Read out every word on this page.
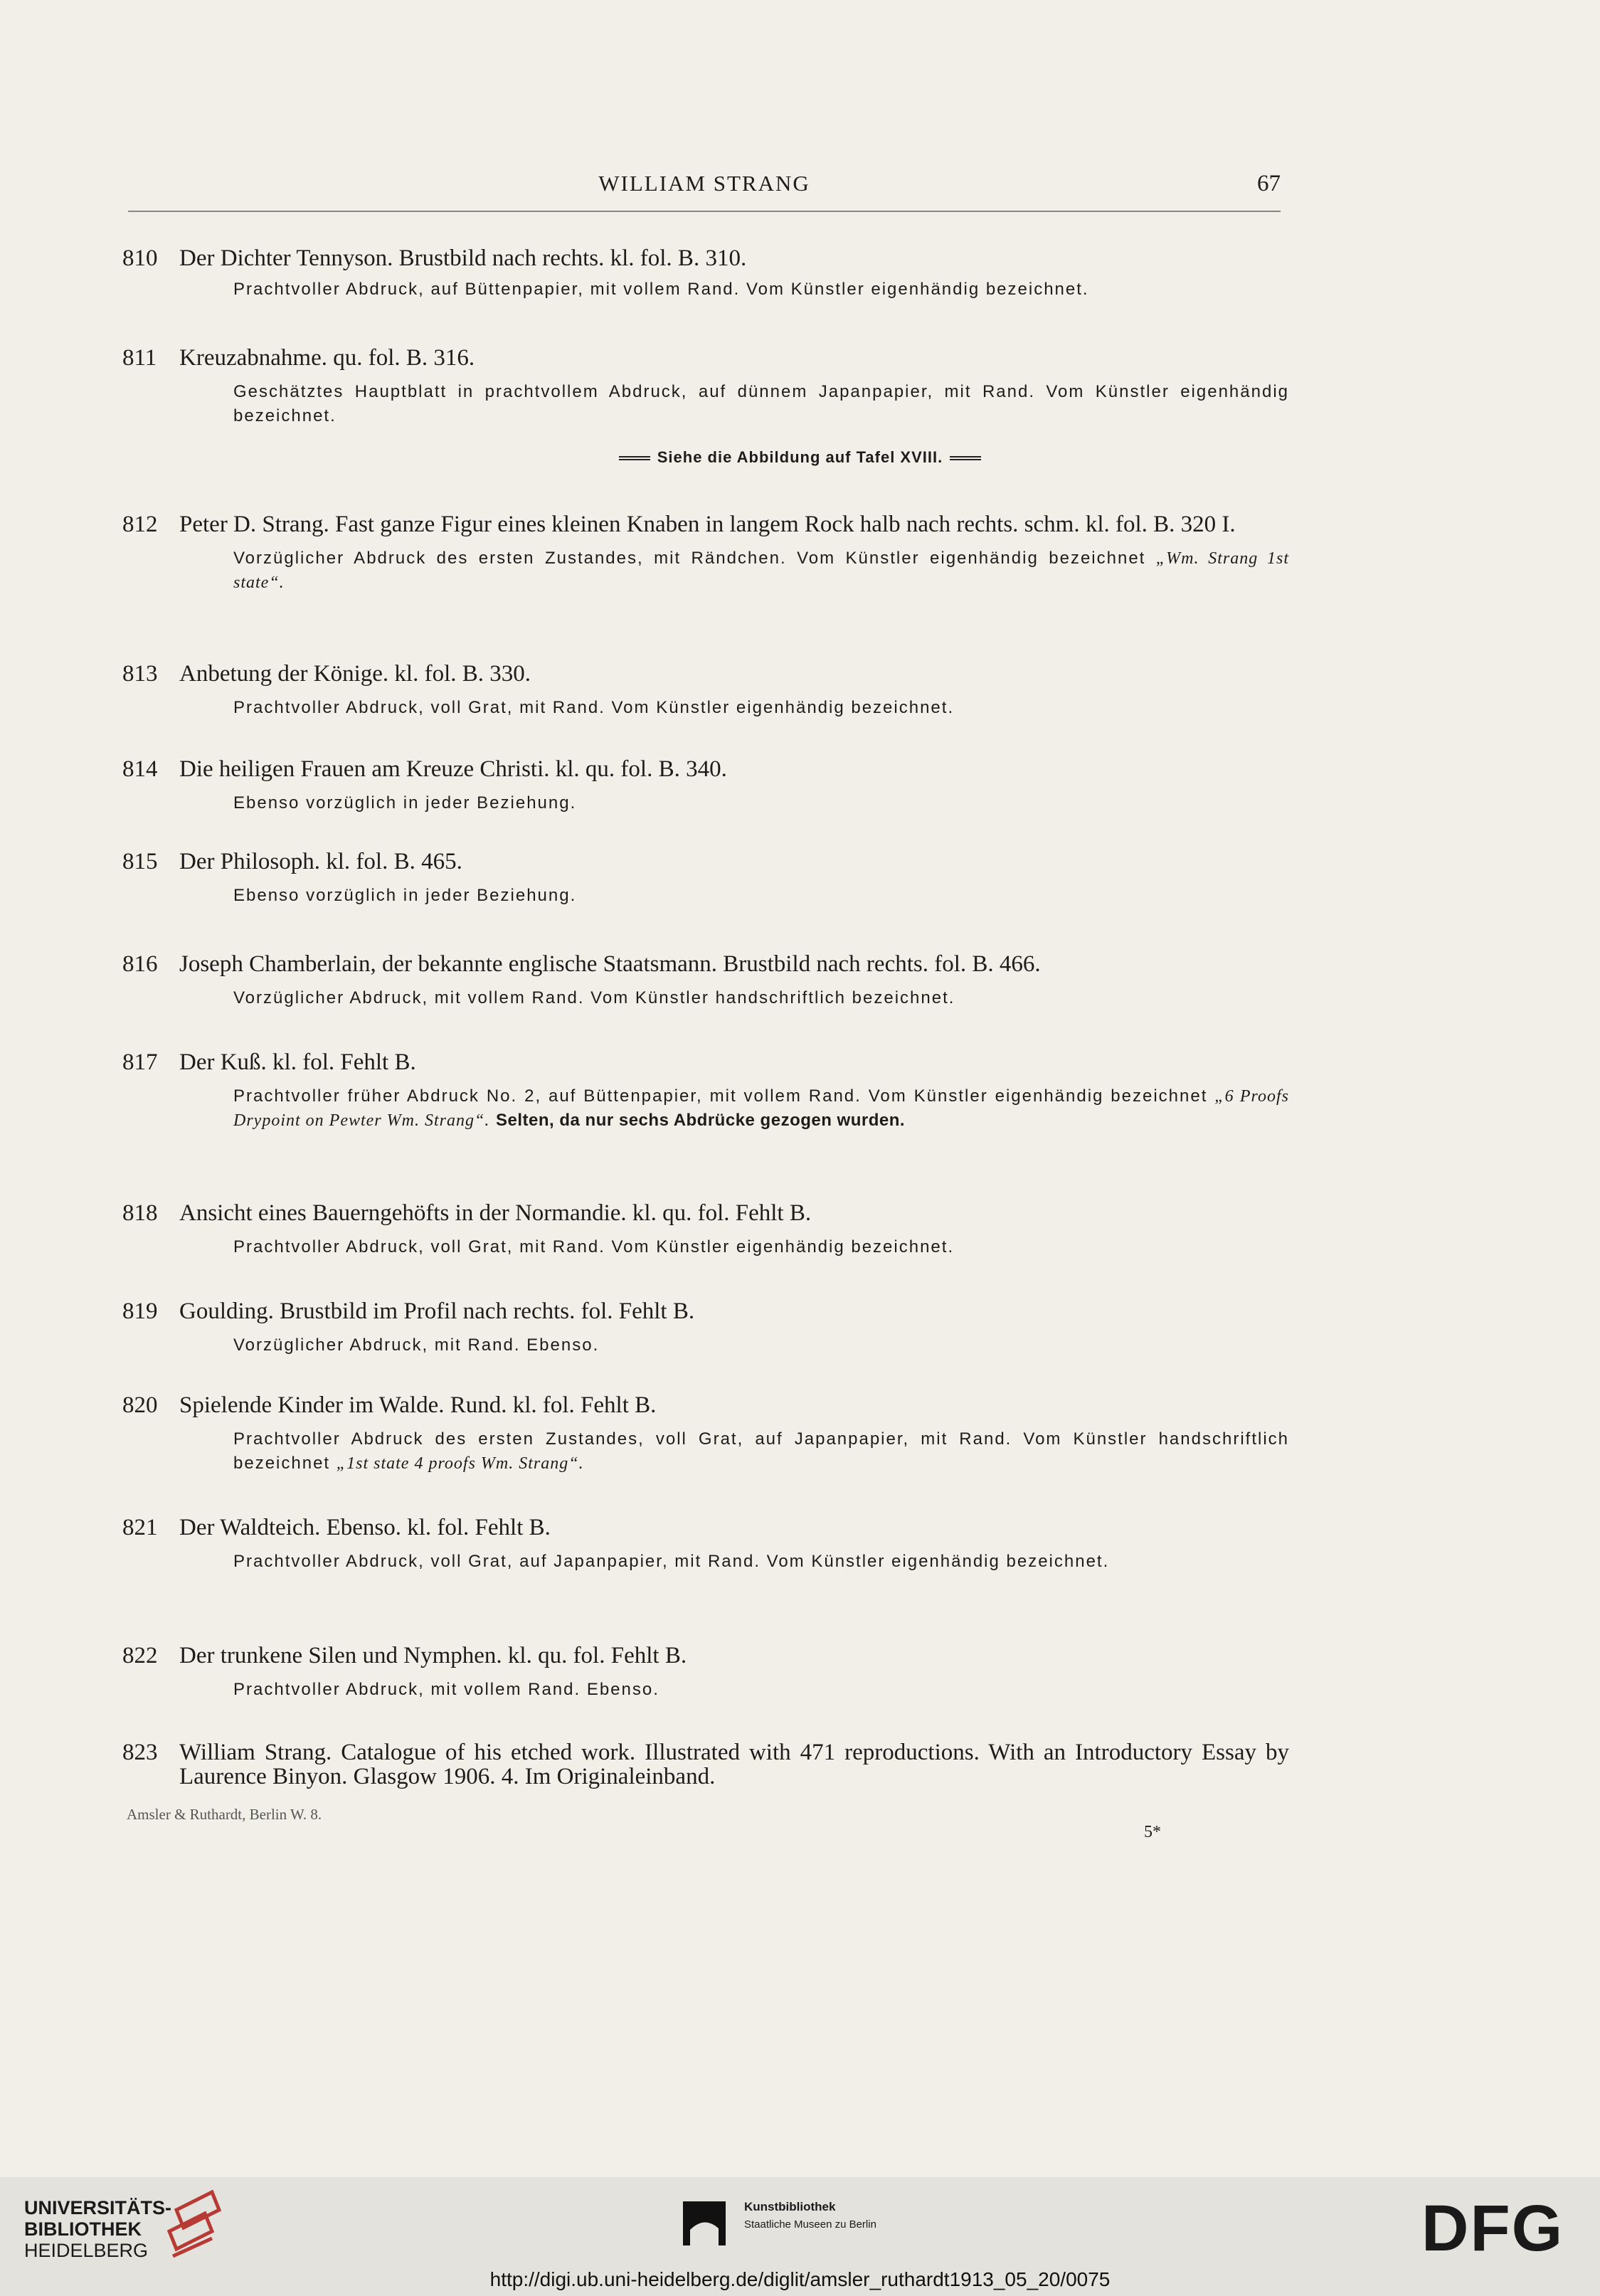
WILLIAM STRANG	67
810 Der Dichter Tennyson. Brustbild nach rechts. kl. fol. B. 310.
Prachtvoller Abdruck, auf Büttenpapier, mit vollem Rand. Vom Künstler eigenhändig bezeichnet.
811 Kreuzabnahme. qu. fol. B. 316.
Geschätztes Hauptblatt in prachtvollem Abdruck, auf dünnem Japanpapier, mit Rand. Vom Künstler eigenhändig bezeichnet.
Siehe die Abbildung auf Tafel XVIII.
812 Peter D. Strang. Fast ganze Figur eines kleinen Knaben in langem Rock halb nach rechts. schm. kl. fol. B. 320 I.
Vorzüglicher Abdruck des ersten Zustandes, mit Rändchen. Vom Künstler eigenhändig bezeichnet „Wm. Strang 1st state“.
813 Anbetung der Könige. kl. fol. B. 330.
Prachtvoller Abdruck, voll Grat, mit Rand. Vom Künstler eigenhändig bezeichnet.
814 Die heiligen Frauen am Kreuze Christi. kl. qu. fol. B. 340.
Ebenso vorzüglich in jeder Beziehung.
815 Der Philosoph. kl. fol. B. 465.
Ebenso vorzüglich in jeder Beziehung.
816 Joseph Chamberlain, der bekannte englische Staatsmann. Brustbild nach rechts. fol. B. 466.
Vorzüglicher Abdruck, mit vollem Rand. Vom Künstler handschriftlich bezeichnet.
817 Der Kuß. kl. fol. Fehlt B.
Prachtvoller früher Abdruck No. 2, auf Büttenpapier, mit vollem Rand. Vom Künstler eigenhändig bezeichnet „6 Proofs Drypoint on Pewter Wm. Strang“. Selten, da nur sechs Abdrücke gezogen wurden.
818 Ansicht eines Bauerngehöfts in der Normandie. kl. qu. fol. Fehlt B.
Prachtvoller Abdruck, voll Grat, mit Rand. Vom Künstler eigenhändig bezeichnet.
819 Goulding. Brustbild im Profil nach rechts. fol. Fehlt B.
Vorzüglicher Abdruck, mit Rand. Ebenso.
820 Spielende Kinder im Walde. Rund. kl. fol. Fehlt B.
Prachtvoller Abdruck des ersten Zustandes, voll Grat, auf Japanpapier, mit Rand. Vom Künstler handschriftlich bezeichnet „1st state 4 proofs Wm. Strang“.
821 Der Waldteich. Ebenso. kl. fol. Fehlt B.
Prachtvoller Abdruck, voll Grat, auf Japanpapier, mit Rand. Vom Künstler eigenhändig bezeichnet.
822 Der trunkene Silen und Nymphen. kl. qu. fol. Fehlt B.
Prachtvoller Abdruck, mit vollem Rand. Ebenso.
823 William Strang. Catalogue of his etched work. Illustrated with 471 reproductions. With an Introductory Essay by Laurence Binyon. Glasgow 1906. 4. Im Originaleinband.
Amsler & Ruthardt, Berlin W. 8.
5*
UNIVERSITÄTS-
BIBLIOTHEK
HEIDELBERG
Kunstbibliothek
Staatliche Museen zu Berlin	DFG
http://digi.ub.uni-heidelberg.de/diglit/amsler_ruthardt1913_05_20/0075
